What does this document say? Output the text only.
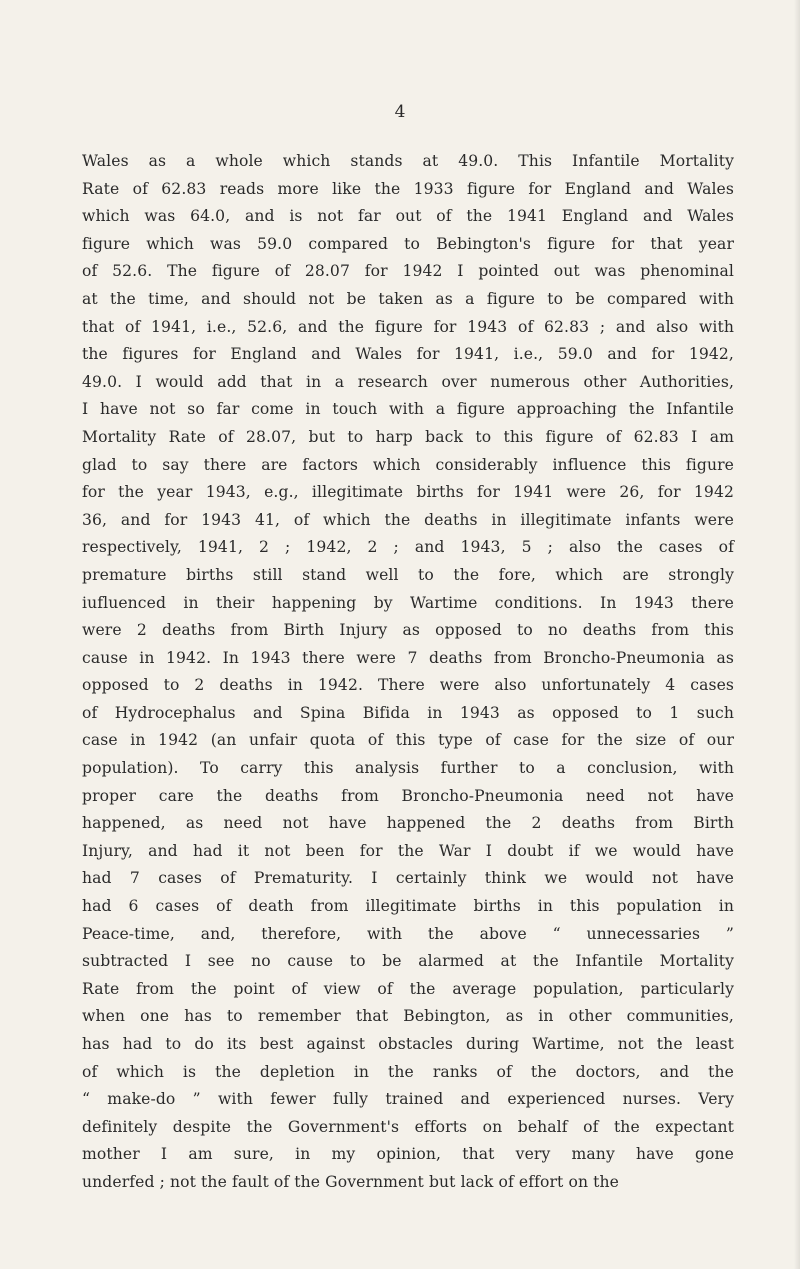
4
Wales as a whole which stands at 49.0. This Infantile Mortality
Rate of 62.83 reads more like the 1933 figure for England and Wales
which was 64.0, and is not far out of the 1941 England and Wales
figure which was 59.0 compared to Bebington's figure for that year
of 52.6. The figure of 28.07 for 1942 I pointed out was phenominal
at the time, and should not be taken as a figure to be compared with
that of 1941, i.e., 52.6, and the figure for 1943 of 62.83 ; and also with
the figures for England and Wales for 1941, i.e., 59.0 and for 1942,
49.0. I would add that in a research over numerous other Authorities,
I have not so far come in touch with a figure approaching the Infantile
Mortality Rate of 28.07, but to harp back to this figure of 62.83 I am
glad to say there are factors which considerably influence this figure
for the year 1943, e.g., illegitimate births for 1941 were 26, for 1942
36, and for 1943 41, of which the deaths in illegitimate infants were
respectively, 1941, 2 ; 1942, 2 ; and 1943, 5 ; also the cases of
premature births still stand well to the fore, which are strongly
iufluenced in their happening by Wartime conditions. In 1943 there
were 2 deaths from Birth Injury as opposed to no deaths from this
cause in 1942. In 1943 there were 7 deaths from Broncho-Pneumonia as
opposed to 2 deaths in 1942. There were also unfortunately 4 cases
of Hydrocephalus and Spina Bifida in 1943 as opposed to 1 such
case in 1942 (an unfair quota of this type of case for the size of our
population). To carry this analysis further to a conclusion, with
proper care the deaths from Broncho-Pneumonia need not have
happened, as need not have happened the 2 deaths from Birth
Injury, and had it not been for the War I doubt if we would have
had 7 cases of Prematurity. I certainly think we would not have
had 6 cases of death from illegitimate births in this population in
Peace-time, and, therefore, with the above “ unnecessaries ”
subtracted I see no cause to be alarmed at the Infantile Mortality
Rate from the point of view of the average population, particularly
when one has to remember that Bebington, as in other communities,
has had to do its best against obstacles during Wartime, not the least
of which is the depletion in the ranks of the doctors, and the
“ make-do ” with fewer fully trained and experienced nurses. Very
definitely despite the Government's efforts on behalf of the expectant
mother I am sure, in my opinion, that very many have gone
underfed ; not the fault of the Government but lack of effort on the
